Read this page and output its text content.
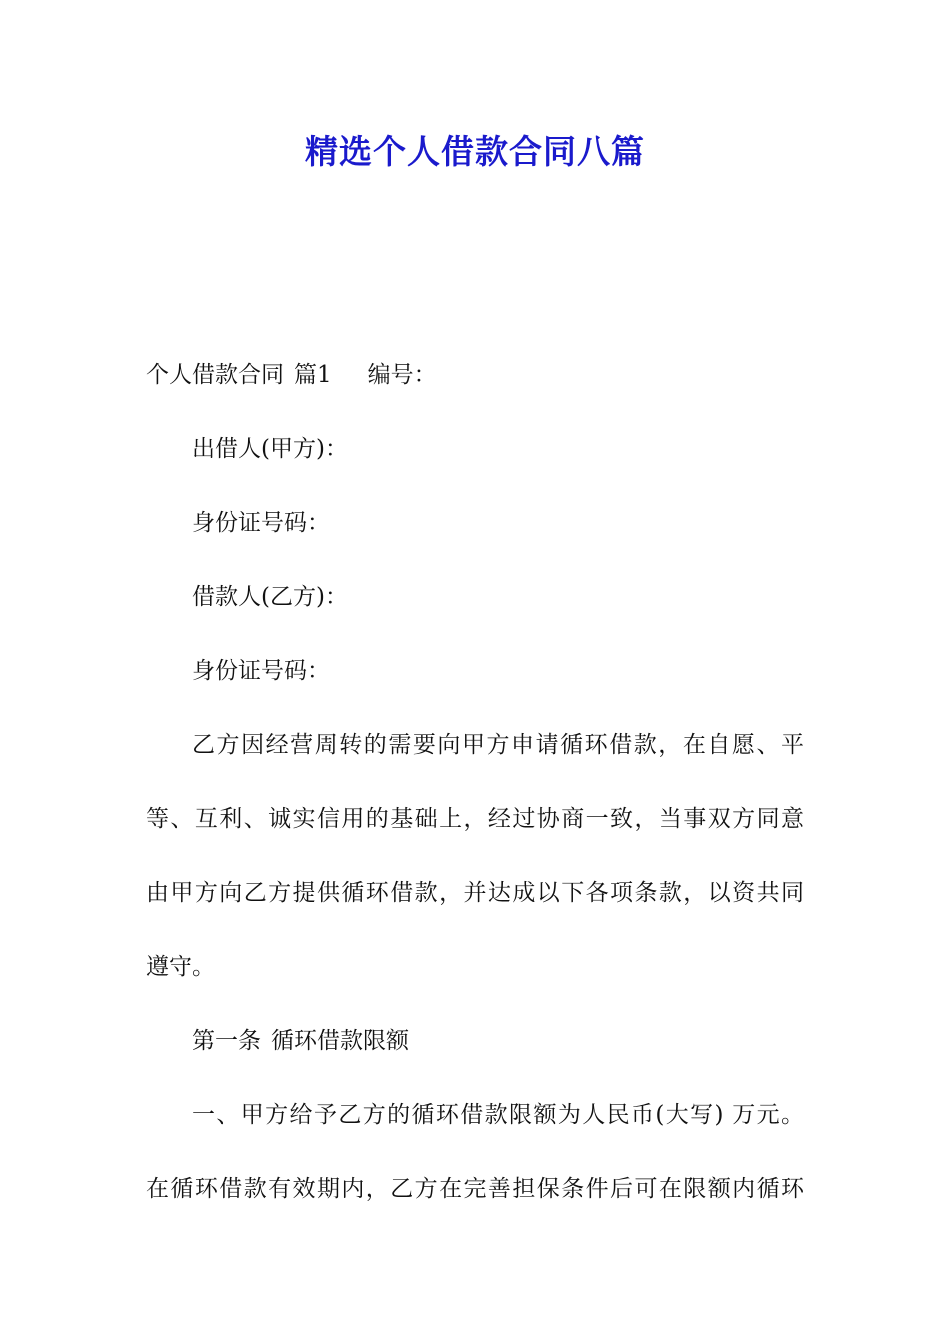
精选个人借款合同八篇
个人借款合同 篇1 编号：
出借人(甲方)：
身份证号码：
借款人(乙方)：
身份证号码：
乙方因经营周转的需要向甲方申请循环借款，在自愿、平
等、互利、诚实信用的基础上，经过协商一致，当事双方同意
由甲方向乙方提供循环借款，并达成以下各项条款，以资共同
遵守。
第一条 循环借款限额
一、甲方给予乙方的循环借款限额为人民币(大写) 万元。
在循环借款有效期内，乙方在完善担保条件后可在限额内循环
